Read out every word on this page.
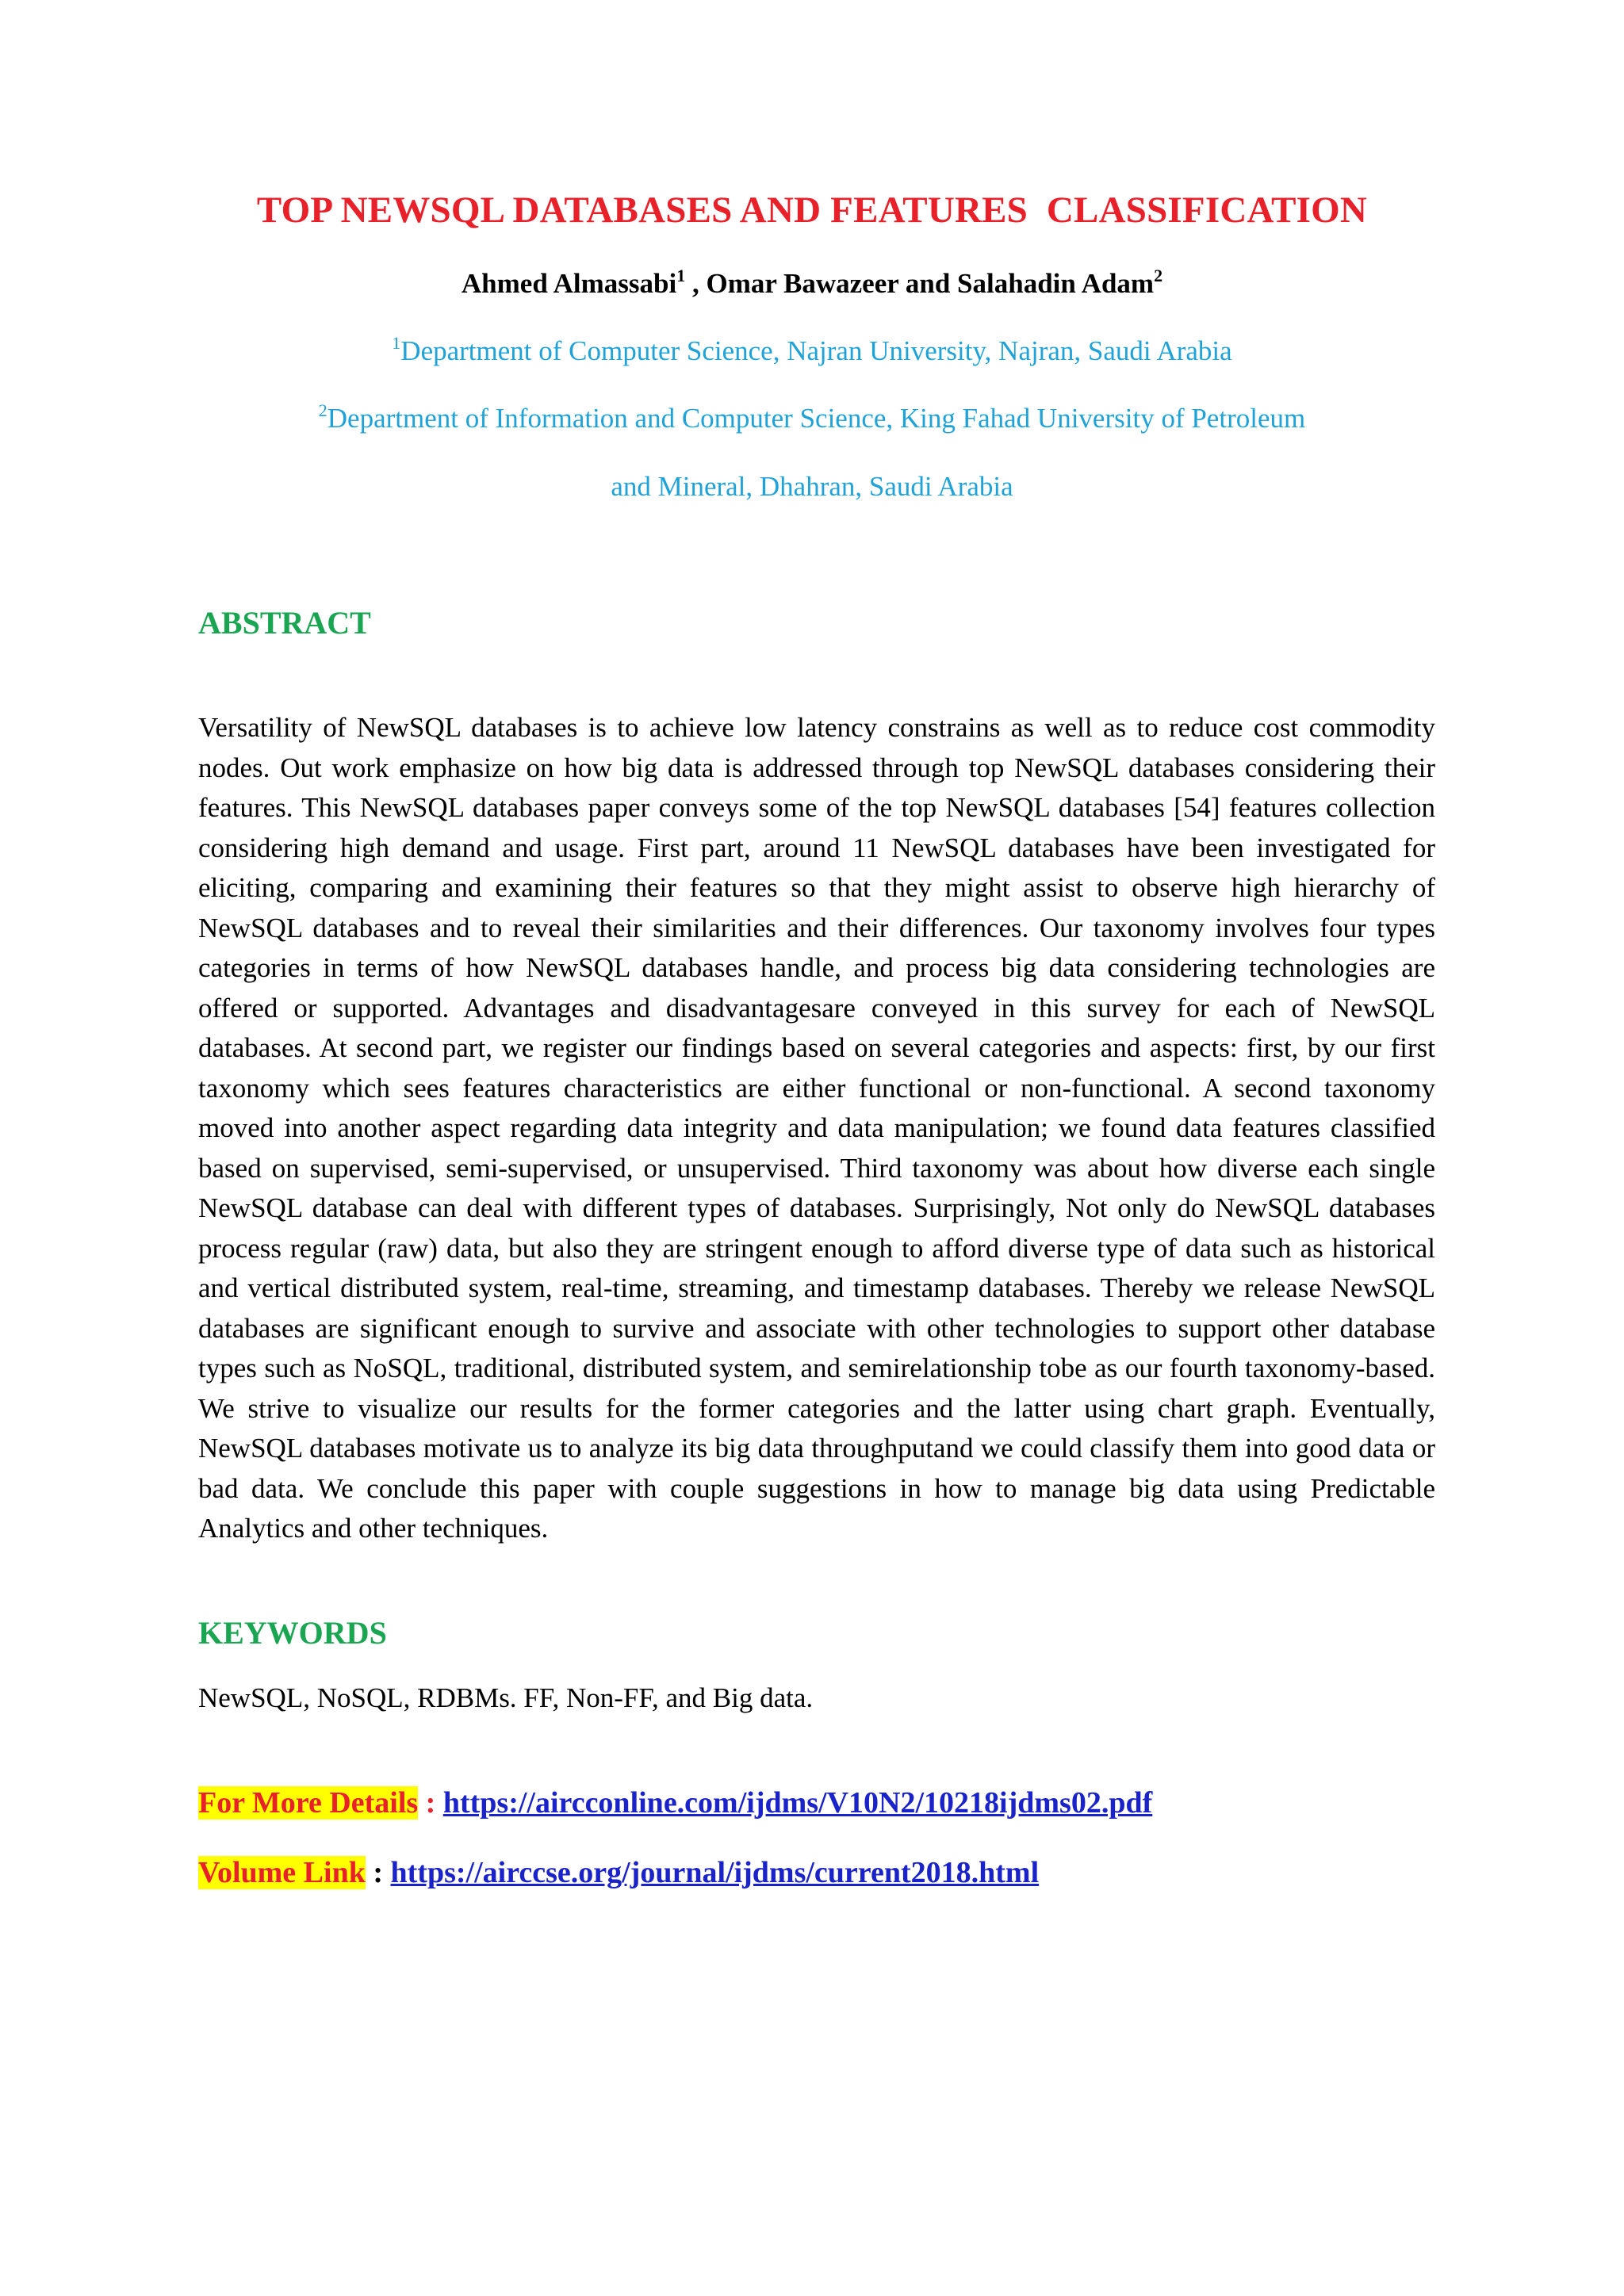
TOP NEWSQL DATABASES AND FEATURES  CLASSIFICATION
Ahmed Almassabi$^1$ , Omar Bawazeer and Salahadin Adam$^2$
$^1$Department of Computer Science, Najran University, Najran, Saudi Arabia
$^2$Department of Information and Computer Science, King Fahad University of Petroleum
and Mineral, Dhahran, Saudi Arabia
ABSTRACT

Versatility of NewSQL databases is to achieve low latency constrains as well as to reduce cost commodity nodes. Out work emphasize on how big data is addressed through top NewSQL databases considering their features. This NewSQL databases paper conveys some of the top NewSQL databases [54] features collection considering high demand and usage. First part, around 11 NewSQL databases have been investigated for eliciting, comparing and examining their features so that they might assist to observe high hierarchy of NewSQL databases and to reveal their similarities and their differences. Our taxonomy involves four types categories in terms of how NewSQL databases handle, and process big data considering technologies are offered or supported. Advantages and disadvantagesare conveyed in this survey for each of NewSQL databases. At second part, we register our findings based on several categories and aspects: first, by our first taxonomy which sees features characteristics are either functional or non-functional. A second taxonomy moved into another aspect regarding data integrity and data manipulation; we found data features classified based on supervised, semi-supervised, or unsupervised. Third taxonomy was about how diverse each single NewSQL database can deal with different types of databases. Surprisingly, Not only do NewSQL databases process regular (raw) data, but also they are stringent enough to afford diverse type of data such as historical and vertical distributed system, real-time, streaming, and timestamp databases. Thereby we release NewSQL databases are significant enough to survive and associate with other technologies to support other database types such as NoSQL, traditional, distributed system, and semirelationship tobe as our fourth taxonomy-based. We strive to visualize our results for the former categories and the latter using chart graph. Eventually, NewSQL databases motivate us to analyze its big data throughputand we could classify them into good data or bad data. We conclude this paper with couple suggestions in how to manage big data using Predictable Analytics and other techniques.

KEYWORDS
NewSQL, NoSQL, RDBMs. FF, Non-FF, and Big data.
For More Details : https://aircconline.com/ijdms/V10N2/10218ijdms02.pdf
Volume Link : https://airccse.org/journal/ijdms/current2018.html
